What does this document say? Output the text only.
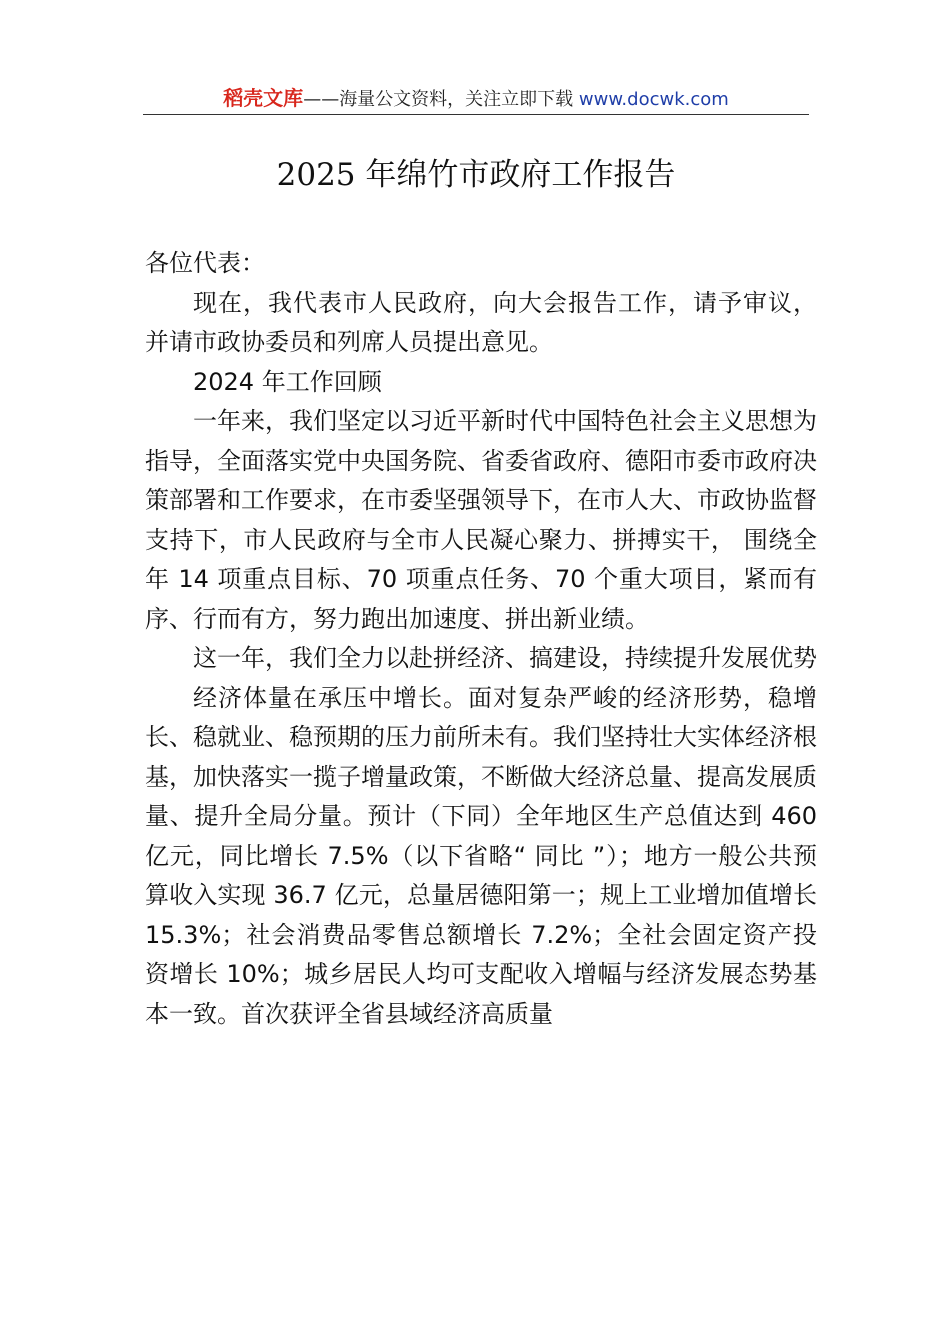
稻壳文库——海量公文资料，关注立即下载 www.docwk.com
2025 年绵竹市政府工作报告

各位代表：

现在，我代表市人民政府，向大会报告工作，请予审议， 并请市政协委员和列席人员提出意见。

2024 年工作回顾

一年来，我们坚定以习近平新时代中国特色社会主义思想为指导，全面落实党中央国务院、省委省政府、德阳市委市政府决策部署和工作要求，在市委坚强领导下，在市人大、市政协监督支持下，市人民政府与全市人民凝心聚力、拼搏实干， 围绕全年 14 项重点目标、70 项重点任务、70 个重大项目，紧而有序、行而有方，努力跑出加速度、拼出新业绩。

这一年，我们全力以赴拼经济、搞建设，持续提升发展优势

经济体量在承压中增长。面对复杂严峻的经济形势，稳增长、稳就业、稳预期的压力前所未有。我们坚持壮大实体经济根基，加快落实一揽子增量政策，不断做大经济总量、提高发展质量、提升全局分量。预计（下同）全年地区生产总值达到 460 亿元，同比增长 7.5%（以下省略“ 同比 ”）；地方一般公共预算收入实现 36.7 亿元，总量居德阳第一；规上工业增加值增长 15.3%；社会消费品零售总额增长 7.2%；全社会固定资产投资增长 10%；城乡居民人均可支配收入增幅与经济发展态势基本一致。首次获评全省县域经济高质量
